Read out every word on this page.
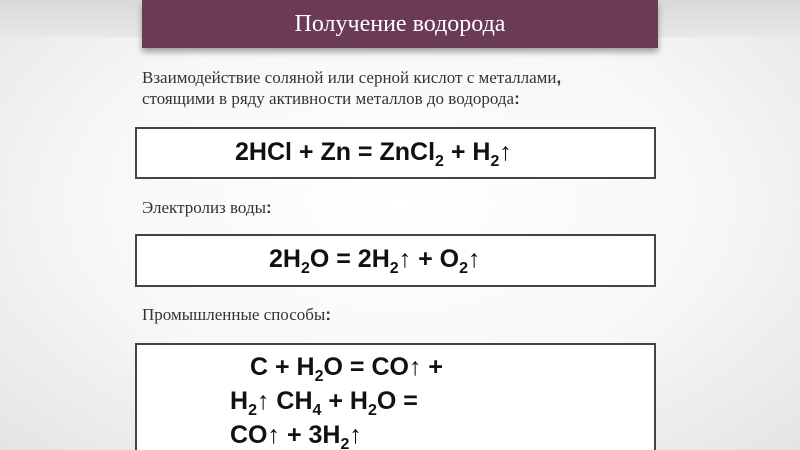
Получение водорода
Взаимодействие соляной или серной кислот с металлами,
стоящими в ряду активности металлов до водорода:
2HCl + Zn = ZnCl$_2$ + $H_2↑$
Электролиз воды:
$2H_2O$ = $2H_2↑$ + $O_2↑$
Промышленные способы:
$C + H_2O$ = CO↑ +
$H_2↑$ $CH_4 + H_2O$ =
CO↑ + $3H_2↑$
